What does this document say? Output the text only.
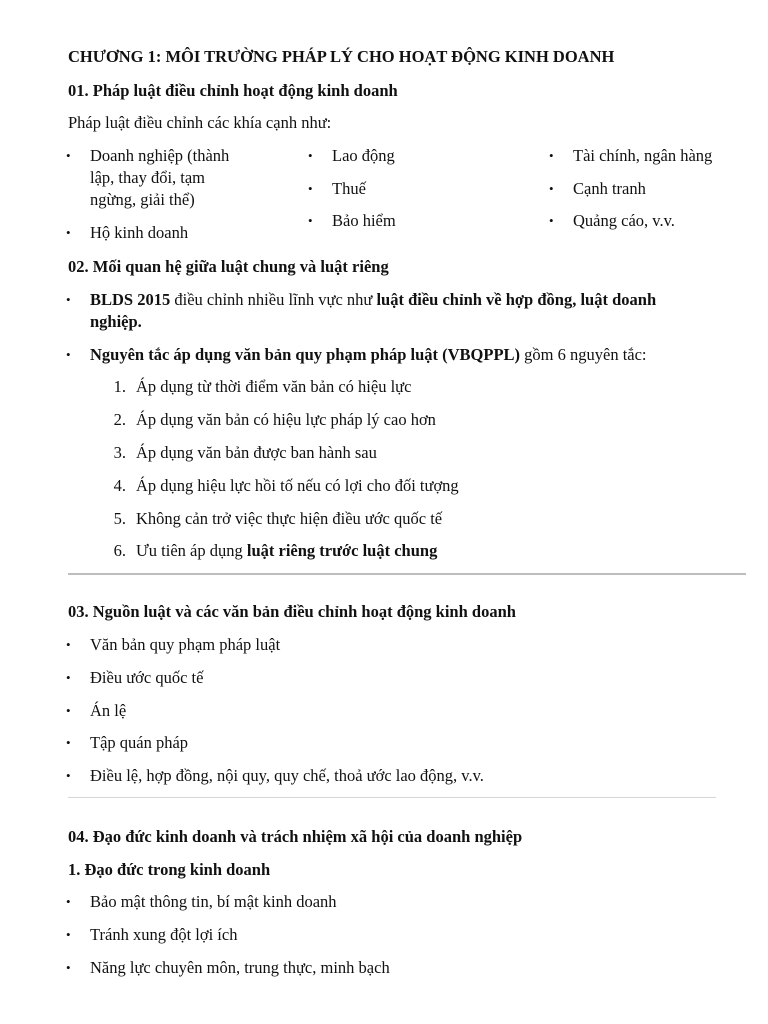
CHƯƠNG 1: MÔI TRƯỜNG PHÁP LÝ CHO HOẠT ĐỘNG KINH DOANH
01. Pháp luật điều chỉnh hoạt động kinh doanh

Pháp luật điều chỉnh các khía cạnh như:

• Doanh nghiệp (thành

lập, thay đổi, tạm

ngừng, giải thể)

• Hộ kinh doanh

• Lao động

• Thuế

• Bảo hiểm

• Tài chính, ngân hàng

• Cạnh tranh

• Quảng cáo, v.v.

02. Mối quan hệ giữa luật chung và luật riêng
• BLDS 2015 điều chỉnh nhiều lĩnh vực như luật điều chỉnh về hợp đồng, luật doanh

nghiệp.

• Nguyên tắc áp dụng văn bản quy phạm pháp luật (VBQPPL) gồm 6 nguyên tắc:

1. Áp dụng từ thời điểm văn bản có hiệu lực

2. Áp dụng văn bản có hiệu lực pháp lý cao hơn

3. Áp dụng văn bản được ban hành sau

4. Áp dụng hiệu lực hồi tố nếu có lợi cho đối tượng

5. Không cản trở việc thực hiện điều ước quốc tế

6. Ưu tiên áp dụng luật riêng trước luật chung

03. Nguồn luật và các văn bản điều chỉnh hoạt động kinh doanh
• Văn bản quy phạm pháp luật

• Điều ước quốc tế

• Án lệ

• Tập quán pháp

• Điều lệ, hợp đồng, nội quy, quy chế, thoả ước lao động, v.v.

04. Đạo đức kinh doanh và trách nhiệm xã hội của doanh nghiệp
1. Đạo đức trong kinh doanh
• Bảo mật thông tin, bí mật kinh doanh

• Tránh xung đột lợi ích

• Năng lực chuyên môn, trung thực, minh bạch
